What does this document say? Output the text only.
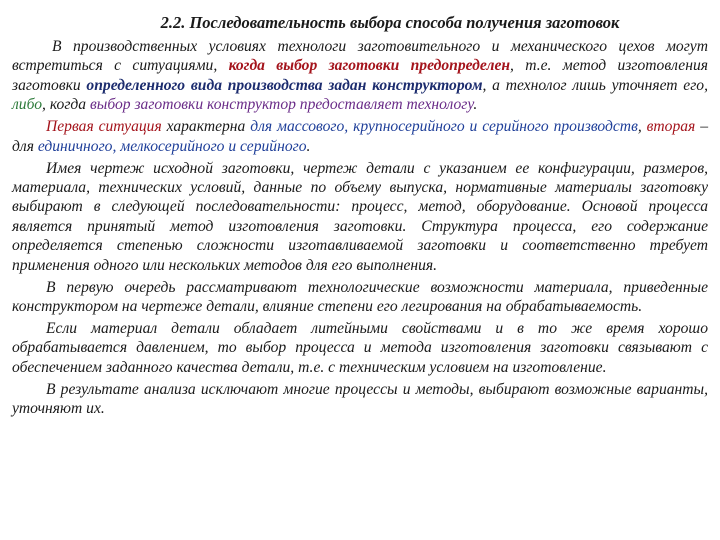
2.2. Последовательность выбора способа получения заготовок

В производственных условиях технологи заготовительного и механического цехов могут встретиться с ситуациями, когда выбор заготовки предопределен, т.е. метод изготовления заготовки определенного вида производства задан конструктором, а технолог лишь уточняет его, либо, когда выбор заготовки конструктор предоставляет технологу.

Первая ситуация характерна для массового, крупносерийного и серийного производств, вторая – для единичного, мелкосерийного и серийного.

Имея чертеж исходной заготовки, чертеж детали с указанием ее конфигурации, размеров, материала, технических условий, данные по объему выпуска, нормативные материалы заготовку выбирают в следующей последовательности: процесс, метод, оборудование. Основой процесса является принятый метод изготовления заготовки. Структура процесса, его содержание определяется степенью сложности изготавливаемой заготовки и соответственно требует применения одного или нескольких методов для его выполнения.

В первую очередь рассматривают технологические возможности материала, приведенные конструктором на чертеже детали, влияние степени его легирования на обрабатываемость.

Если материал детали обладает литейными свойствами и в то же время хорошо обрабатывается давлением, то выбор процесса и метода изготовления заготовки связывают с обеспечением заданного качества детали, т.е. с техническим условием на изготовление.

В результате анализа исключают многие процессы и методы, выбирают возможные варианты, уточняют их.
